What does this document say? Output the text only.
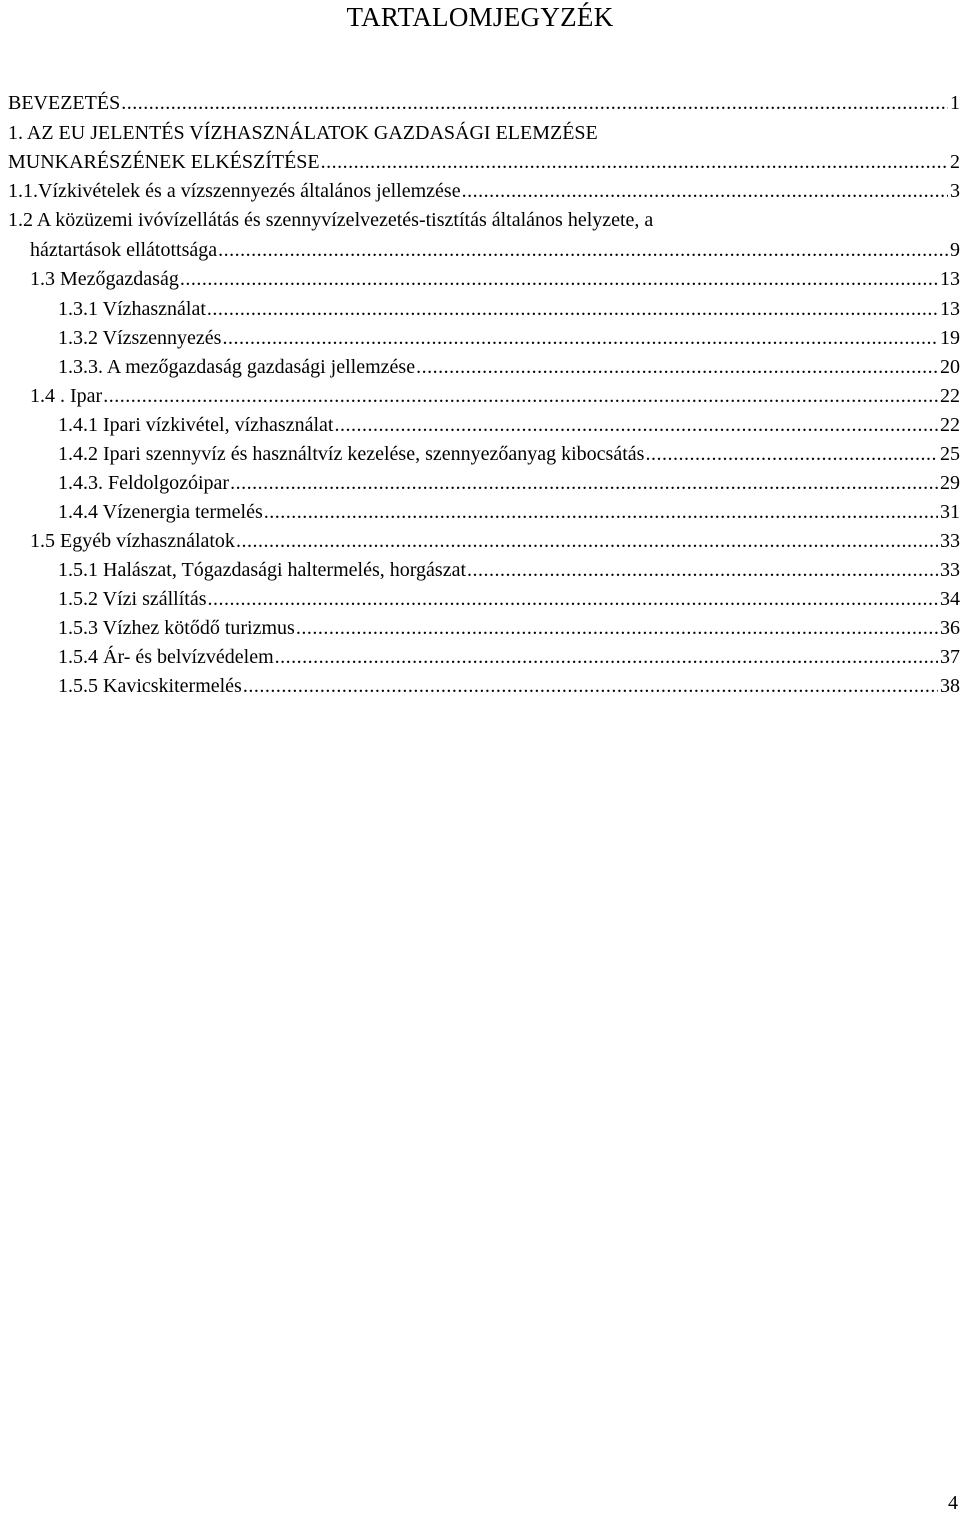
TARTALOMJEGYZÉK
BEVEZETÉS .....	1
1. AZ EU JELENTÉS VÍZHASZNÁLATOK GAZDASÁGI ELEMZÉSE
MUNKARÉSZÉNEK ELKÉSZÍTÉSE .....	2
1.1.Vízkivételek és a vízszennyezés általános jellemzése .....	3
1.2 A közüzemi ivóvízellátás és szennyvízelvezetés-tisztítás általános helyzete, a
háztartások ellátottsága .....	9
1.3 Mezőgazdaság .....	13
1.3.1 Vízhasználat .....	13
1.3.2 Vízszennyezés .....	19
1.3.3. A mezőgazdaság gazdasági jellemzése .....	20
1.4 . Ipar .....	22
1.4.1 Ipari vízkivétel, vízhasználat .....	22
1.4.2 Ipari szennyvíz és használtvíz kezelése, szennyezőanyag kibocsátás .....	25
1.4.3. Feldolgozóipar .....	29
1.4.4 Vízenergia termelés .....	31
1.5 Egyéb vízhasználatok .....	33
1.5.1 Halászat, Tógazdasági haltermelés, horgászat .....	33
1.5.2 Vízi szállítás .....	34
1.5.3 Vízhez kötődő turizmus .....	36
1.5.4 Ár- és belvízvédelem .....	37
1.5.5 Kavicskitermelés .....	38
4
